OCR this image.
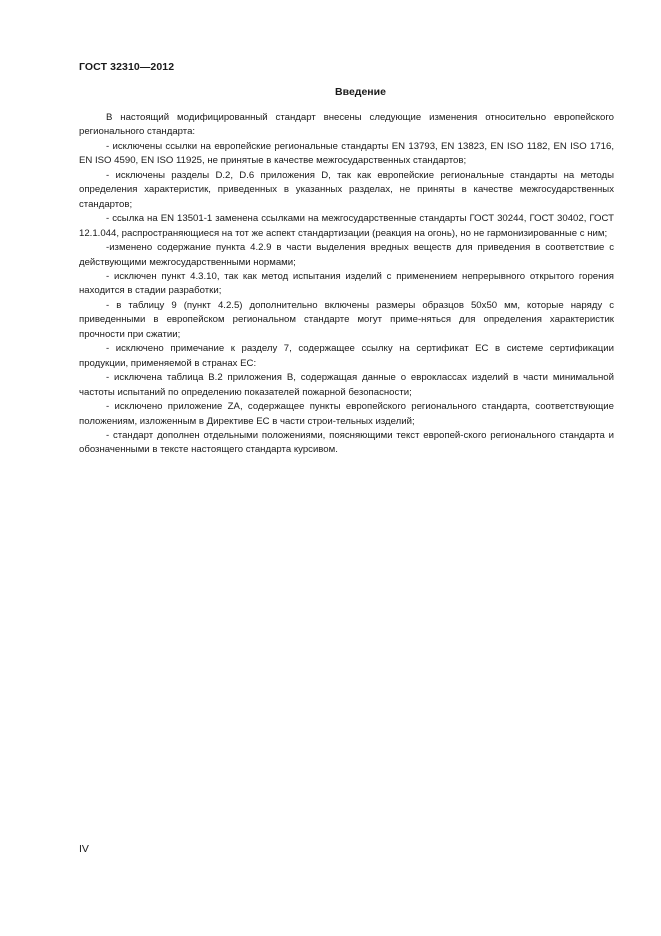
ГОСТ 32310—2012
Введение

В настоящий модифицированный стандарт внесены следующие изменения относительно европейского регионального стандарта:

- исключены ссылки на европейские региональные стандарты EN 13793, EN 13823, EN ISO 1182, EN ISO 1716, EN ISO 4590, EN ISO 11925, не принятые в качестве межгосударственных стандартов;

- исключены разделы D.2, D.6 приложения D, так как европейские региональные стандарты на методы определения характеристик, приведенных в указанных разделах, не приняты в качестве межгосударственных стандартов;

- ссылка на EN 13501-1 заменена ссылками на межгосударственные стандарты ГОСТ 30244, ГОСТ 30402, ГОСТ 12.1.044, распространяющиеся на тот же аспект стандартизации (реакция на огонь), но не гармонизированные с ним;

-изменено содержание пункта 4.2.9 в части выделения вредных веществ для приведения в соответствие с действующими межгосударственными нормами;

- исключен пункт 4.3.10, так как метод испытания изделий с применением непрерывного открытого горения находится в стадии разработки;

- в таблицу 9 (пункт 4.2.5) дополнительно включены размеры образцов 50x50 мм, которые наряду с приведенными в европейском региональном стандарте могут приме-няться для определения характеристик прочности при сжатии;

- исключено примечание к разделу 7, содержащее ссылку на сертификат ЕС в системе сертификации продукции, применяемой в странах ЕС:

- исключена таблица В.2 приложения В, содержащая данные о евроклассах изделий в части минимальной частоты испытаний по определению показателей пожарной безопасности;

- исключено приложение ZA, содержащее пункты европейского регионального стандарта, соответствующие положениям, изложенным в Директиве ЕС в части строи-тельных изделий;

- стандарт дополнен отдельными положениями, поясняющими текст европей-ского регионального стандарта и обозначенными в тексте настоящего стандарта курсивом.

IV
